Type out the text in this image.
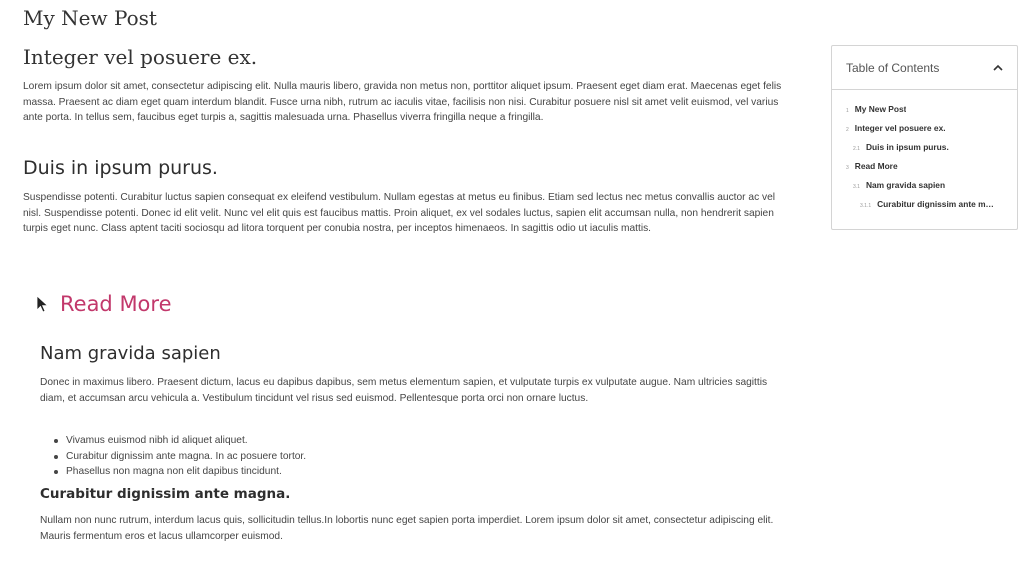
My New Post
Integer vel posuere ex.

Lorem ipsum dolor sit amet, consectetur adipiscing elit. Nulla mauris libero, gravida non metus non, porttitor aliquet ipsum. Praesent eget diam erat. Maecenas eget felis massa. Praesent ac diam eget quam interdum blandit. Fusce urna nibh, rutrum ac iaculis vitae, facilisis non nisi. Curabitur posuere nisl sit amet velit euismod, vel varius ante porta. In tellus sem, faucibus eget turpis a, sagittis malesuada urna. Phasellus viverra fringilla neque a fringilla.

Duis in ipsum purus.

Suspendisse potenti. Curabitur luctus sapien consequat ex eleifend vestibulum. Nullam egestas at metus eu finibus. Etiam sed lectus nec metus convallis auctor ac vel nisl. Suspendisse potenti. Donec id elit velit. Nunc vel elit quis est faucibus mattis. Proin aliquet, ex vel sodales luctus, sapien elit accumsan nulla, non hendrerit sapien turpis eget nunc. Class aptent taciti sociosqu ad litora torquent per conubia nostra, per inceptos himenaeos. In sagittis odio ut iaculis mattis.

Read More
Nam gravida sapien

Donec in maximus libero. Praesent dictum, lacus eu dapibus dapibus, sem metus elementum sapien, et vulputate turpis ex vulputate augue. Nam ultricies sagittis diam, et accumsan arcu vehicula a. Vestibulum tincidunt vel risus sed euismod. Pellentesque porta orci non ornare luctus.

Vivamus euismod nibh id aliquet aliquet.
Curabitur dignissim ante magna. In ac posuere tortor.
Phasellus non magna non elit dapibus tincidunt.
Curabitur dignissim ante magna.

Nullam non nunc rutrum, interdum lacus quis, sollicitudin tellus.In lobortis nunc eget sapien porta imperdiet. Lorem ipsum dolor sit amet, consectetur adipiscing elit. Mauris fermentum eros et lacus ullamcorper euismod.

Table of Contents
1 My New Post
2 Integer vel posuere ex.
2.1 Duis in ipsum purus.
3 Read More
3.1 Nam gravida sapien
3.1.1 Curabitur dignissim ante m…
